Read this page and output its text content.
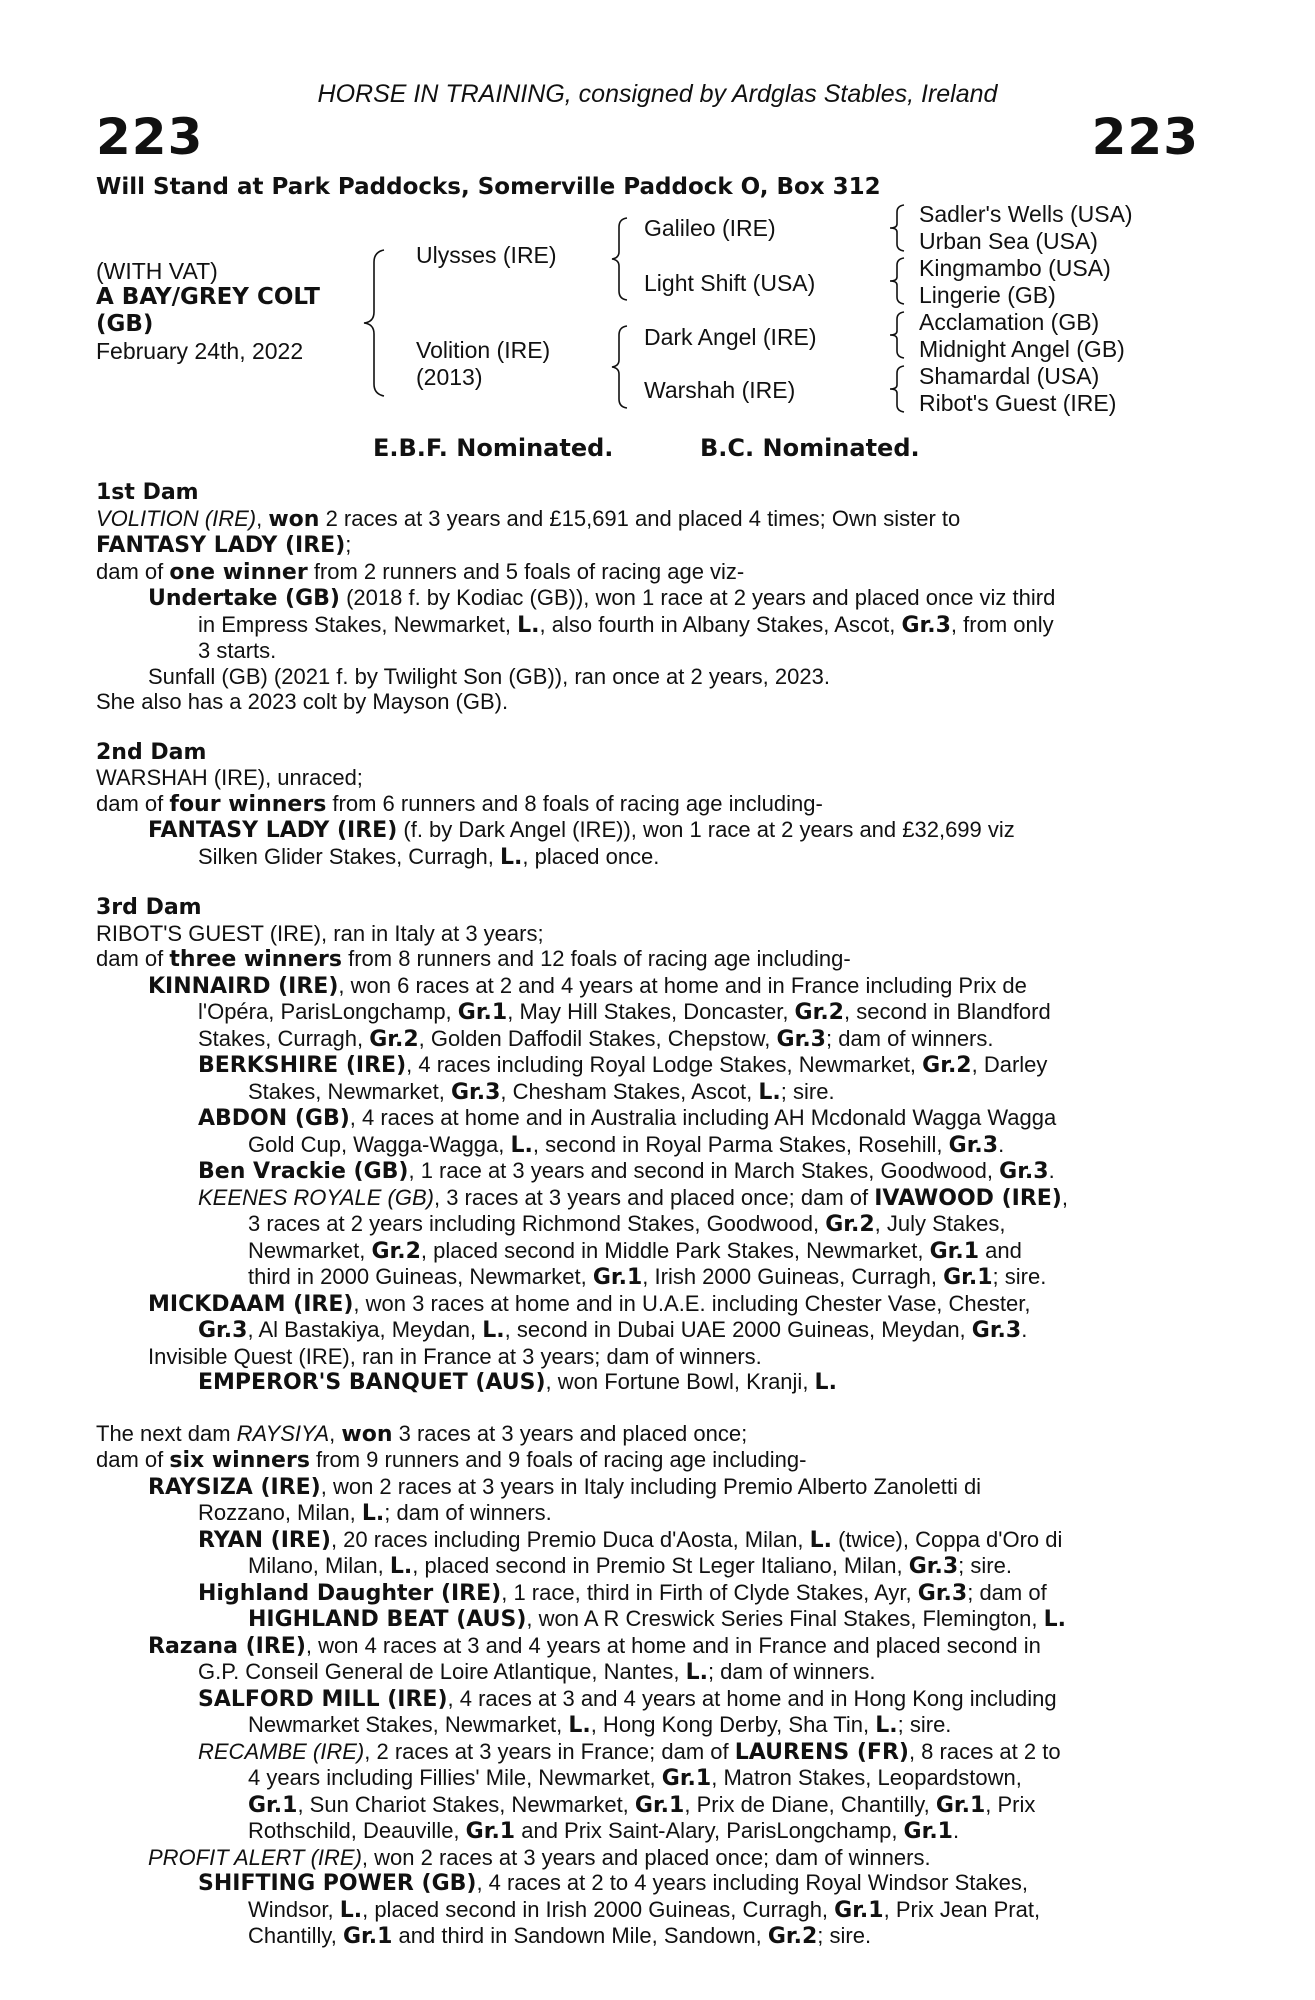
HORSE IN TRAINING, consigned by Ardglas Stables, Ireland
223	223
Will Stand at Park Paddocks, Somerville Paddock O, Box 312
(WITH VAT)
A BAY/GREY COLT
(GB)
February 24th, 2022
Ulysses (IRE)
Volition (IRE)
(2013)
Galileo (IRE)
Light Shift (USA)
Dark Angel (IRE)
Warshah (IRE)
Sadler's Wells (USA)
Urban Sea (USA)
Kingmambo (USA)
Lingerie (GB)
Acclamation (GB)
Midnight Angel (GB)
Shamardal (USA)
Ribot's Guest (IRE)
E.B.F. Nominated.	B.C. Nominated.
1st Dam
VOLITION (IRE), won 2 races at 3 years and £15,691 and placed 4 times; Own sister to
FANTASY LADY (IRE);
dam of one winner from 2 runners and 5 foals of racing age viz-
Undertake (GB) (2018 f. by Kodiac (GB)), won 1 race at 2 years and placed once viz third
in Empress Stakes, Newmarket, L., also fourth in Albany Stakes, Ascot, Gr.3, from only
3 starts.
Sunfall (GB) (2021 f. by Twilight Son (GB)), ran once at 2 years, 2023.
She also has a 2023 colt by Mayson (GB).
2nd Dam
WARSHAH (IRE), unraced;
dam of four winners from 6 runners and 8 foals of racing age including-
FANTASY LADY (IRE) (f. by Dark Angel (IRE)), won 1 race at 2 years and £32,699 viz
Silken Glider Stakes, Curragh, L., placed once.
3rd Dam
RIBOT'S GUEST (IRE), ran in Italy at 3 years;
dam of three winners from 8 runners and 12 foals of racing age including-
KINNAIRD (IRE), won 6 races at 2 and 4 years at home and in France including Prix de
l'Opéra, ParisLongchamp, Gr.1, May Hill Stakes, Doncaster, Gr.2, second in Blandford
Stakes, Curragh, Gr.2, Golden Daffodil Stakes, Chepstow, Gr.3; dam of winners.
BERKSHIRE (IRE), 4 races including Royal Lodge Stakes, Newmarket, Gr.2, Darley
Stakes, Newmarket, Gr.3, Chesham Stakes, Ascot, L.; sire.
ABDON (GB), 4 races at home and in Australia including AH Mcdonald Wagga Wagga
Gold Cup, Wagga-Wagga, L., second in Royal Parma Stakes, Rosehill, Gr.3.
Ben Vrackie (GB), 1 race at 3 years and second in March Stakes, Goodwood, Gr.3.
KEENES ROYALE (GB), 3 races at 3 years and placed once; dam of IVAWOOD (IRE),
3 races at 2 years including Richmond Stakes, Goodwood, Gr.2, July Stakes,
Newmarket, Gr.2, placed second in Middle Park Stakes, Newmarket, Gr.1 and
third in 2000 Guineas, Newmarket, Gr.1, Irish 2000 Guineas, Curragh, Gr.1; sire.
MICKDAAM (IRE), won 3 races at home and in U.A.E. including Chester Vase, Chester,
Gr.3, Al Bastakiya, Meydan, L., second in Dubai UAE 2000 Guineas, Meydan, Gr.3.
Invisible Quest (IRE), ran in France at 3 years; dam of winners.
EMPEROR'S BANQUET (AUS), won Fortune Bowl, Kranji, L.
The next dam RAYSIYA, won 3 races at 3 years and placed once;
dam of six winners from 9 runners and 9 foals of racing age including-
RAYSIZA (IRE), won 2 races at 3 years in Italy including Premio Alberto Zanoletti di
Rozzano, Milan, L.; dam of winners.
RYAN (IRE), 20 races including Premio Duca d'Aosta, Milan, L. (twice), Coppa d'Oro di
Milano, Milan, L., placed second in Premio St Leger Italiano, Milan, Gr.3; sire.
Highland Daughter (IRE), 1 race, third in Firth of Clyde Stakes, Ayr, Gr.3; dam of
HIGHLAND BEAT (AUS), won A R Creswick Series Final Stakes, Flemington, L.
Razana (IRE), won 4 races at 3 and 4 years at home and in France and placed second in
G.P. Conseil General de Loire Atlantique, Nantes, L.; dam of winners.
SALFORD MILL (IRE), 4 races at 3 and 4 years at home and in Hong Kong including
Newmarket Stakes, Newmarket, L., Hong Kong Derby, Sha Tin, L.; sire.
RECAMBE (IRE), 2 races at 3 years in France; dam of LAURENS (FR), 8 races at 2 to
4 years including Fillies' Mile, Newmarket, Gr.1, Matron Stakes, Leopardstown,
Gr.1, Sun Chariot Stakes, Newmarket, Gr.1, Prix de Diane, Chantilly, Gr.1, Prix
Rothschild, Deauville, Gr.1 and Prix Saint-Alary, ParisLongchamp, Gr.1.
PROFIT ALERT (IRE), won 2 races at 3 years and placed once; dam of winners.
SHIFTING POWER (GB), 4 races at 2 to 4 years including Royal Windsor Stakes,
Windsor, L., placed second in Irish 2000 Guineas, Curragh, Gr.1, Prix Jean Prat,
Chantilly, Gr.1 and third in Sandown Mile, Sandown, Gr.2; sire.
